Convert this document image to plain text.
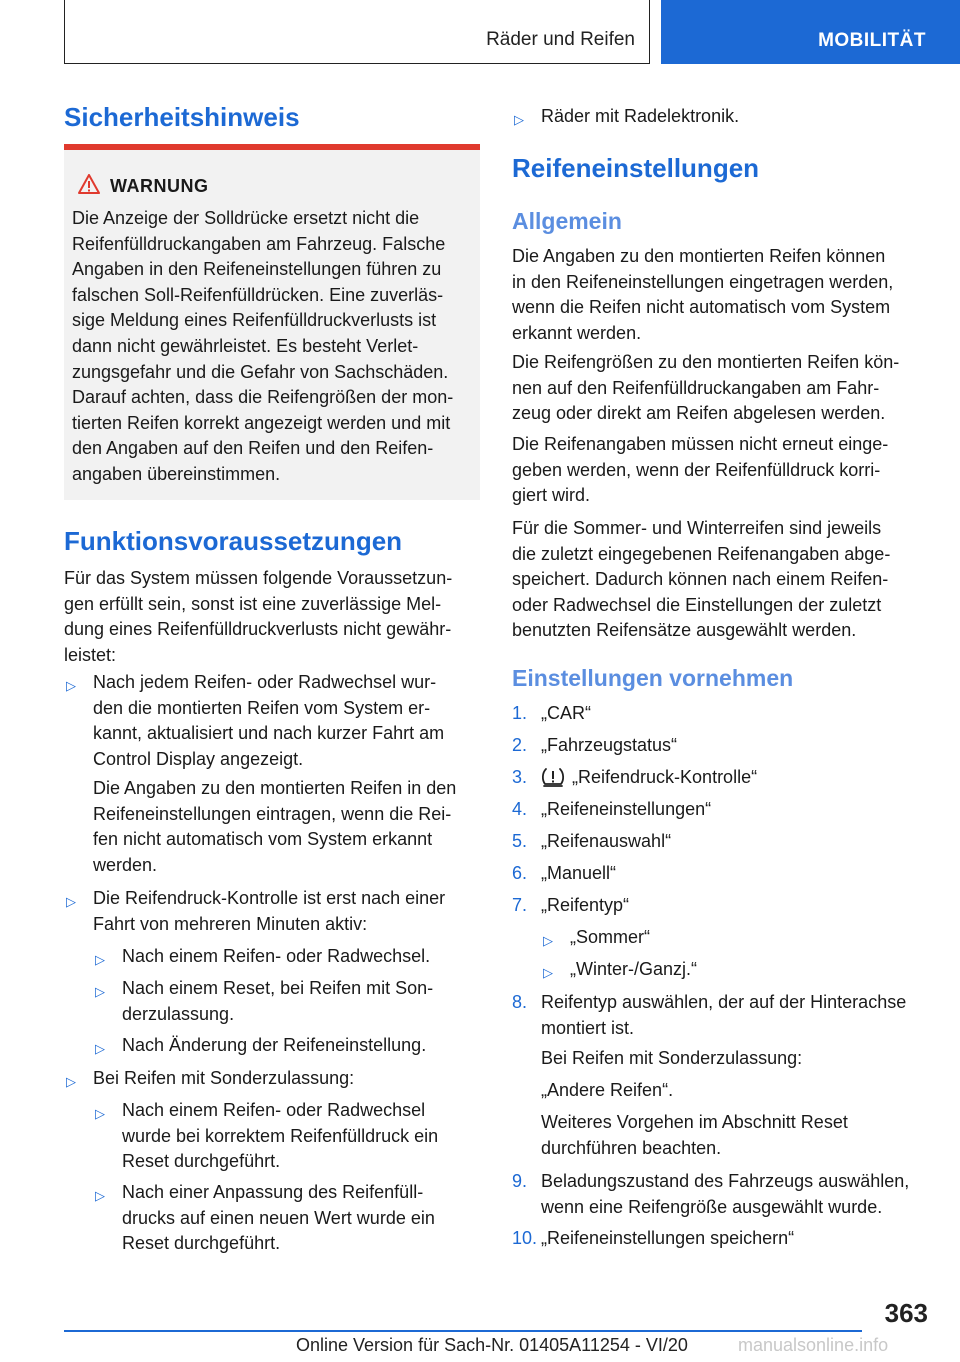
Räder und Reifen	MOBILITÄT
Sicherheitshinweis
WARNUNG
Die Anzeige der Solldrücke ersetzt nicht die
Reifenfülldruckangaben am Fahrzeug. Falsche
Angaben in den Reifeneinstellungen führen zu
falschen Soll-Reifenfülldrücken. Eine zuverläs-
sige Meldung eines Reifenfülldruckverlusts ist
dann nicht gewährleistet. Es besteht Verlet-
zungsgefahr und die Gefahr von Sachschäden.
Darauf achten, dass die Reifengrößen der mon-
tierten Reifen korrekt angezeigt werden und mit
den Angaben auf den Reifen und den Reifen-
angaben übereinstimmen.
Funktionsvoraussetzungen
Für das System müssen folgende Voraussetzun-
gen erfüllt sein, sonst ist eine zuverlässige Mel-
dung eines Reifenfülldruckverlusts nicht gewähr-
leistet:
▷ Nach jedem Reifen- oder Radwechsel wur-
den die montierten Reifen vom System er-
kannt, aktualisiert und nach kurzer Fahrt am
Control Display angezeigt.
Die Angaben zu den montierten Reifen in den
Reifeneinstellungen eintragen, wenn die Rei-
fen nicht automatisch vom System erkannt
werden.
▷ Die Reifendruck-Kontrolle ist erst nach einer
Fahrt von mehreren Minuten aktiv:
▷ Nach einem Reifen- oder Radwechsel.
▷ Nach einem Reset, bei Reifen mit Son-
derzulassung.
▷ Nach Änderung der Reifeneinstellung.
▷ Bei Reifen mit Sonderzulassung:
▷ Nach einem Reifen- oder Radwechsel
wurde bei korrektem Reifenfülldruck ein
Reset durchgeführt.
▷ Nach einer Anpassung des Reifenfüll-
drucks auf einen neuen Wert wurde ein
Reset durchgeführt.
▷ Räder mit Radelektronik.
Reifeneinstellungen
Allgemein
Die Angaben zu den montierten Reifen können
in den Reifeneinstellungen eingetragen werden,
wenn die Reifen nicht automatisch vom System
erkannt werden.
Die Reifengrößen zu den montierten Reifen kön-
nen auf den Reifenfülldruckangaben am Fahr-
zeug oder direkt am Reifen abgelesen werden.
Die Reifenangaben müssen nicht erneut einge-
geben werden, wenn der Reifenfülldruck korri-
giert wird.
Für die Sommer- und Winterreifen sind jeweils
die zuletzt eingegebenen Reifenangaben abge-
speichert. Dadurch können nach einem Reifen-
oder Radwechsel die Einstellungen der zuletzt
benutzten Reifensätze ausgewählt werden.
Einstellungen vornehmen
1. „CAR“
2. „Fahrzeugstatus“
3. „Reifendruck-Kontrolle“
4. „Reifeneinstellungen“
5. „Reifenauswahl“
6. „Manuell“
7. „Reifentyp“
▷ „Sommer“
▷ „Winter-/Ganzj.“
8. Reifentyp auswählen, der auf der Hinterachse
montiert ist.
Bei Reifen mit Sonderzulassung:
„Andere Reifen“.
Weiteres Vorgehen im Abschnitt Reset
durchführen beachten.
9. Beladungszustand des Fahrzeugs auswählen,
wenn eine Reifengröße ausgewählt wurde.
10. „Reifeneinstellungen speichern“
363
Online Version für Sach-Nr. 01405A11254 - VI/20	manualsonline.info
